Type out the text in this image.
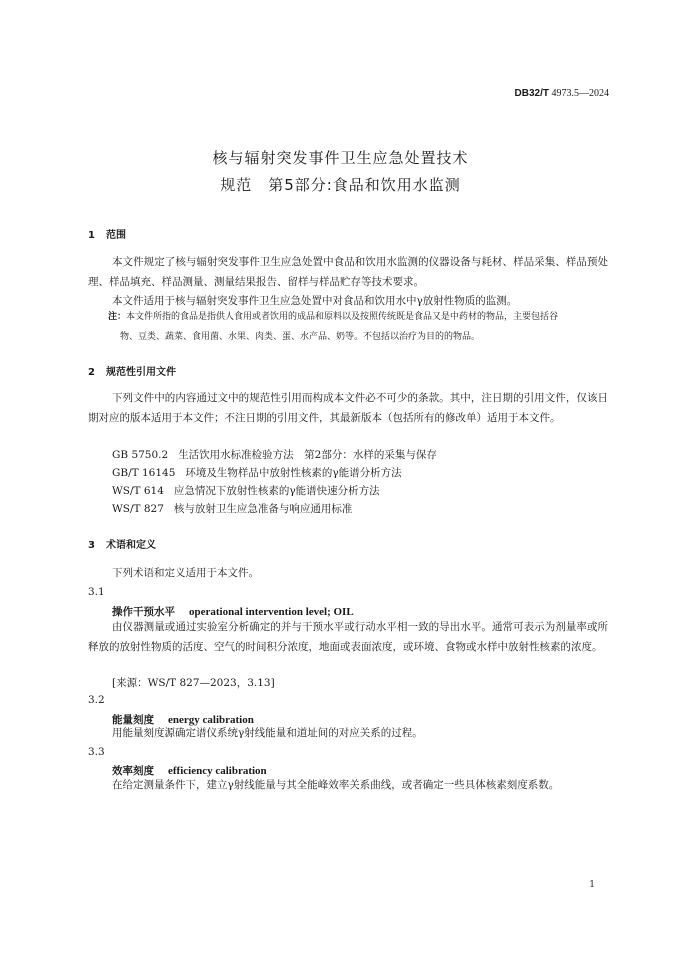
DB32/T 4973.5—2024
核与辐射突发事件卫生应急处置技术
规范　第5部分:食品和饮用水监测
1 范围

本文件规定了核与辐射突发事件卫生应急处置中食品和饮用水监测的仪器设备与耗材、样品采集、样品预处理、样品填充、样品测量、测量结果报告、留样与样品贮存等技术要求。

本文件适用于核与辐射突发事件卫生应急处置中对食品和饮用水中γ放射性物质的监测。

注：本文件所指的食品是指供人食用或者饮用的成品和原料以及按照传统既是食品又是中药材的物品，主要包括谷
物、豆类、蔬菜、食用菌、水果、肉类、蛋、水产品、奶等。不包括以治疗为目的的物品。
2 规范性引用文件

下列文件中的内容通过文中的规范性引用而构成本文件必不可少的条款。其中，注日期的引用文件，仅该日期对应的版本适用于本文件；不注日期的引用文件，其最新版本（包括所有的修改单）适用于本文件。

GB 5750.2 生活饮用水标准检验方法　第2部分：水样的采集与保存
GB/T 16145 环境及生物样品中放射性核素的γ能谱分析方法
WS/T 614 应急情况下放射性核素的γ能谱快速分析方法
WS/T 827 核与放射卫生应急准备与响应通用标准
3 术语和定义

下列术语和定义适用于本文件。

3.1
操作干预水平 operational intervention level; OIL

由仪器测量或通过实验室分析确定的并与干预水平或行动水平相一致的导出水平。通常可表示为剂量率或所释放的放射性物质的活度、空气的时间积分浓度，地面或表面浓度，或环境、食物或水样中放射性核素的浓度。

[来源：WS/T 827—2023，3.13]
3.2
能量刻度 energy calibration

用能量刻度源确定谱仪系统γ射线能量和道址间的对应关系的过程。

3.3
效率刻度 efficiency calibration

在给定测量条件下，建立γ射线能量与其全能峰效率关系曲线，或者确定一些具体核素刻度系数。

1
